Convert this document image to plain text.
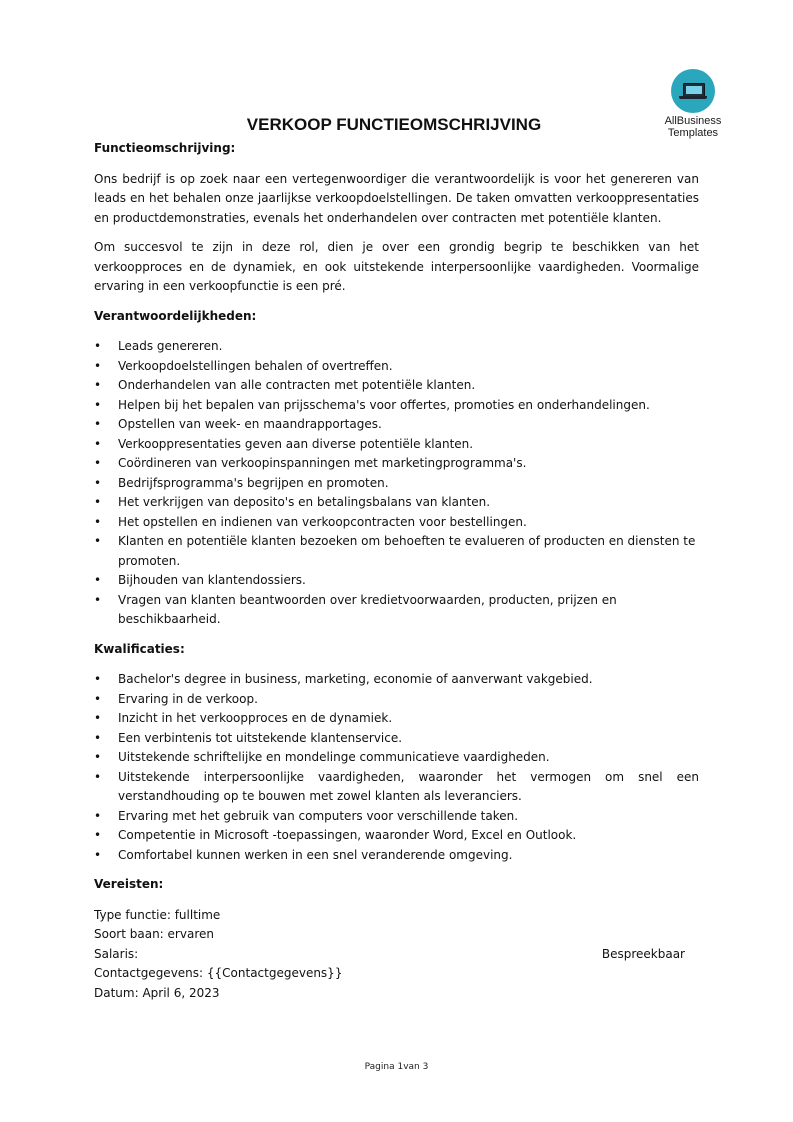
AllBusiness
Templates
VERKOOP FUNCTIEOMSCHRIJVING
Functieomschrijving:

Ons bedrijf is op zoek naar een vertegenwoordiger die verantwoordelijk is voor het genereren van leads en het behalen onze jaarlijkse verkoopdoelstellingen. De taken omvatten verkooppresentaties en productdemonstraties, evenals het onderhandelen over contracten met potentiële klanten.

Om succesvol te zijn in deze rol, dien je over een grondig begrip te beschikken van het verkoopproces en de dynamiek, en ook uitstekende interpersoonlijke vaardigheden. Voormalige ervaring in een verkoopfunctie is een pré.

Verantwoordelijkheden:
• Leads genereren.
• Verkoopdoelstellingen behalen of overtreffen.
• Onderhandelen van alle contracten met potentiële klanten.
• Helpen bij het bepalen van prijsschema's voor offertes, promoties en onderhandelingen.
• Opstellen van week- en maandrapportages.
• Verkooppresentaties geven aan diverse potentiële klanten.
• Coördineren van verkoopinspanningen met marketingprogramma's.
• Bedrijfsprogramma's begrijpen en promoten.
• Het verkrijgen van deposito's en betalingsbalans van klanten.
• Het opstellen en indienen van verkoopcontracten voor bestellingen.
• Klanten en potentiële klanten bezoeken om behoeften te evalueren of producten en diensten te promoten.
• Bijhouden van klantendossiers.
• Vragen van klanten beantwoorden over kredietvoorwaarden, producten, prijzen en beschikbaarheid.
Kwalificaties:
• Bachelor's degree in business, marketing, economie of aanverwant vakgebied.
• Ervaring in de verkoop.
• Inzicht in het verkoopproces en de dynamiek.
• Een verbintenis tot uitstekende klantenservice.
• Uitstekende schriftelijke en mondelinge communicatieve vaardigheden.
• Uitstekende interpersoonlijke vaardigheden, waaronder het vermogen om snel een verstandhouding op te bouwen met zowel klanten als leveranciers.
• Ervaring met het gebruik van computers voor verschillende taken.
• Competentie in Microsoft -toepassingen, waaronder Word, Excel en Outlook.
• Comfortabel kunnen werken in een snel veranderende omgeving.
Vereisten:
Type functie: fulltime
Soort baan: ervaren
Salaris:	Bespreekbaar
Contactgegevens: {{Contactgegevens}}
Datum: April 6, 2023
Pagina 1van 3
